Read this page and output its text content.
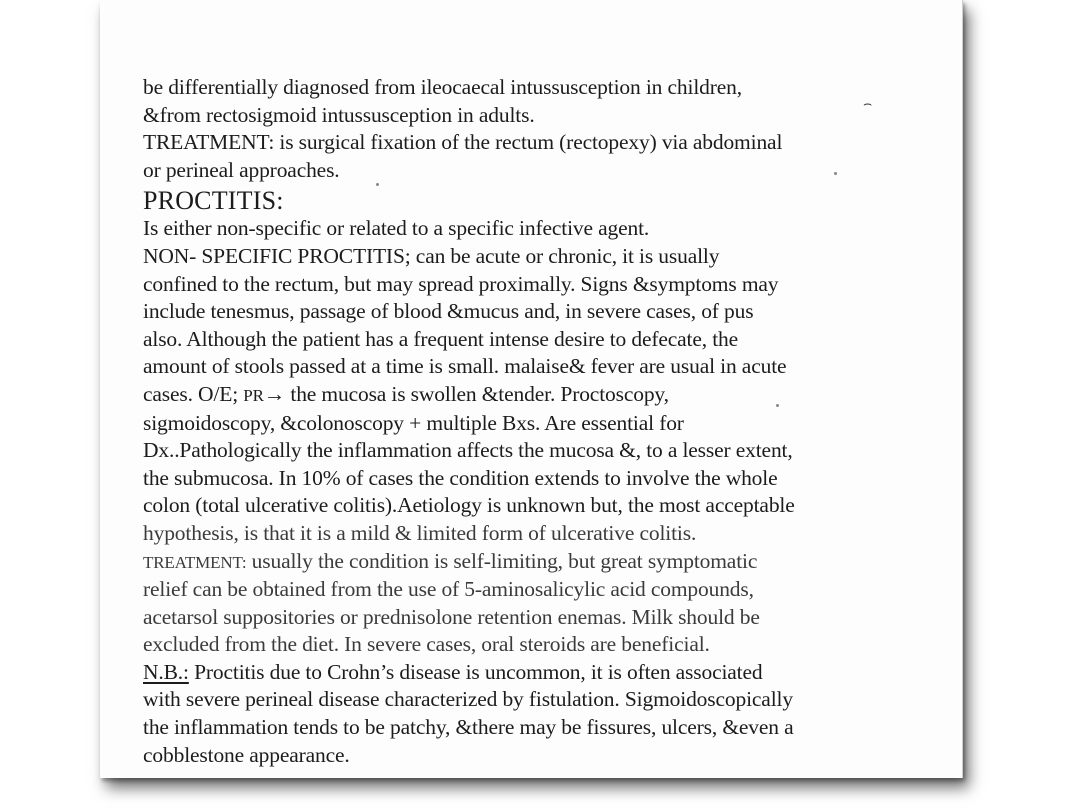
⌢
be differentially diagnosed from ileocaecal intussusception in children,
&from rectosigmoid intussusception in adults.
TREATMENT: is surgical fixation of the rectum (rectopexy) via abdominal
or perineal approaches.
PROCTITIS:
Is either non-specific or related to a specific infective agent.
NON- SPECIFIC PROCTITIS; can be acute or chronic, it is usually
confined to the rectum, but may spread proximally. Signs &symptoms may
include tenesmus, passage of blood &mucus and, in severe cases, of pus
also. Although the patient has a frequent intense desire to defecate, the
amount of stools passed at a time is small. malaise& fever are usual in acute
cases. O/E; PR→ the mucosa is swollen &tender. Proctoscopy,
sigmoidoscopy, &colonoscopy + multiple Bxs. Are essential for
Dx..Pathologically the inflammation affects the mucosa &, to a lesser extent,
the submucosa. In 10% of cases the condition extends to involve the whole
colon (total ulcerative colitis).Aetiology is unknown but, the most acceptable
hypothesis, is that it is a mild & limited form of ulcerative colitis.
TREATMENT: usually the condition is self-limiting, but great symptomatic
relief can be obtained from the use of 5-aminosalicylic acid compounds,
acetarsol suppositories or prednisolone retention enemas. Milk should be
excluded from the diet. In severe cases, oral steroids are beneficial.
N.B.: Proctitis due to Crohn’s disease is uncommon, it is often associated
with severe perineal disease characterized by fistulation. Sigmoidoscopically
the inflammation tends to be patchy, &there may be fissures, ulcers, &even a
cobblestone appearance.
